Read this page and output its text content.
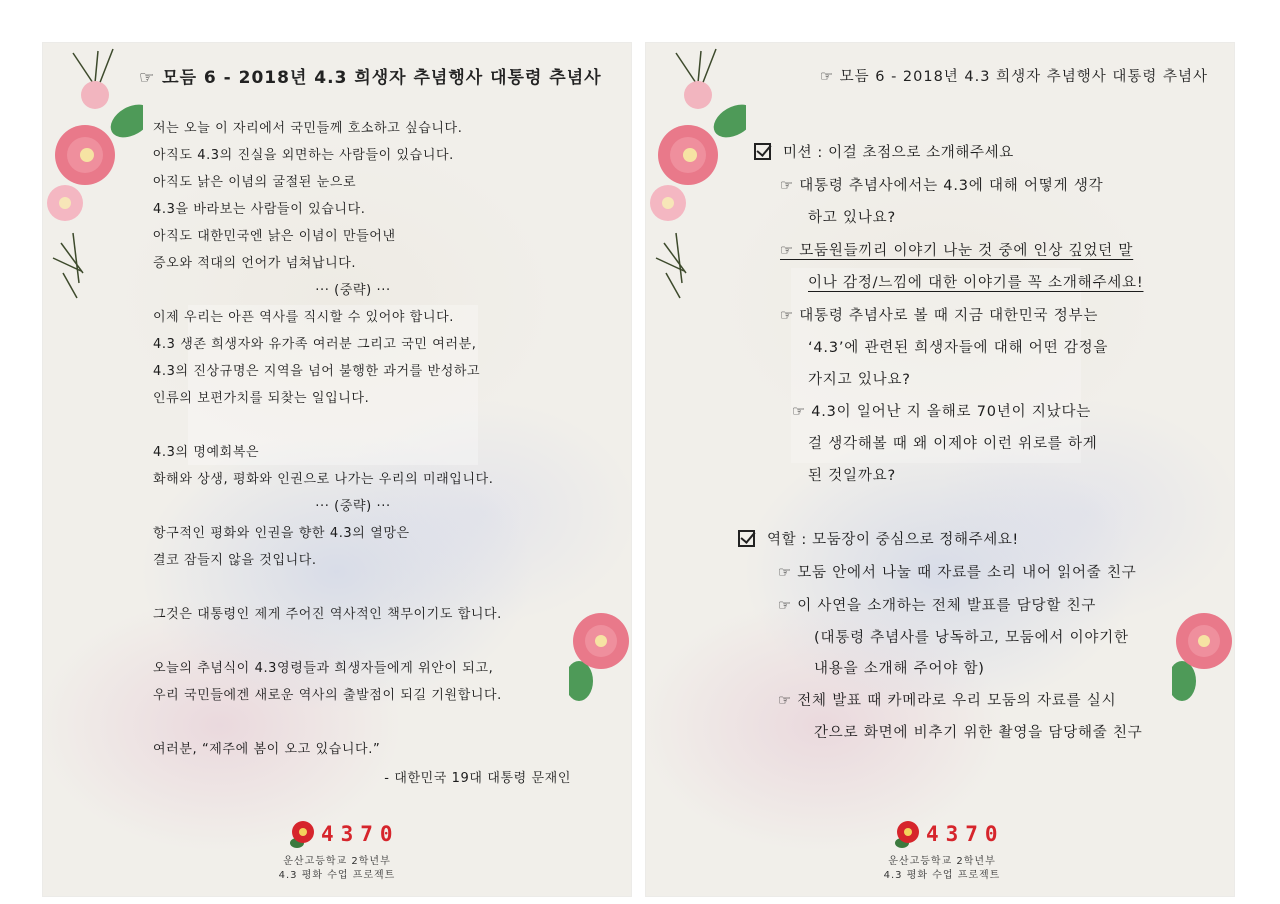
☞ 모듬 6 - 2018년 4.3 희생자 추념행사 대통령 추념사
저는 오늘 이 자리에서 국민들께 호소하고 싶습니다.
아직도 4.3의 진실을 외면하는 사람들이 있습니다.
아직도 낡은 이념의 굴절된 눈으로
4.3을 바라보는 사람들이 있습니다.
아직도 대한민국엔 낡은 이념이 만들어낸
증오와 적대의 언어가 넘쳐납니다.
··· (중략) ···
이제 우리는 아픈 역사를 직시할 수 있어야 합니다.
4.3 생존 희생자와 유가족 여러분 그리고 국민 여러분,
4.3의 진상규명은 지역을 넘어 불행한 과거를 반성하고
인류의 보편가치를 되찾는 일입니다.
4.3의 명예회복은
화해와 상생, 평화와 인권으로 나가는 우리의 미래입니다.
··· (중략) ···
항구적인 평화와 인권을 향한 4.3의 열망은
결코 잠들지 않을 것입니다.
그것은 대통령인 제게 주어진 역사적인 책무이기도 합니다.
오늘의 추념식이 4.3영령들과 희생자들에게 위안이 되고,
우리 국민들에겐 새로운 역사의 출발점이 되길 기원합니다.
여러분, “제주에 봄이 오고 있습니다.”
- 대한민국 19대 대통령 문재인
4370
운산고등학교 2학년부
4.3 평화 수업 프로젝트
☞ 모듬 6 - 2018년 4.3 희생자 추념행사 대통령 추념사
미션 : 이걸 초점으로 소개해주세요
☞ 대통령 추념사에서는 4.3에 대해 어떻게 생각
하고 있나요?
☞ 모둠원들끼리 이야기 나눈 것 중에 인상 깊었던 말
이나 감정/느낌에 대한 이야기를 꼭 소개해주세요!
☞ 대통령 추념사로 볼 때 지금 대한민국 정부는
‘4.3’에 관련된 희생자들에 대해 어떤 감정을
가지고 있나요?
☞ 4.3이 일어난 지 올해로 70년이 지났다는
걸 생각해볼 때 왜 이제야 이런 위로를 하게
된 것일까요?
역할 : 모둠장이 중심으로 정해주세요!
☞ 모둠 안에서 나눌 때 자료를 소리 내어 읽어줄 친구
☞ 이 사연을 소개하는 전체 발표를 담당할 친구
(대통령 추념사를 낭독하고, 모둠에서 이야기한
내용을 소개해 주어야 함)
☞ 전체 발표 때 카메라로 우리 모둠의 자료를 실시
간으로 화면에 비추기 위한 촬영을 담당해줄 친구
4370
운산고등학교 2학년부
4.3 평화 수업 프로젝트
